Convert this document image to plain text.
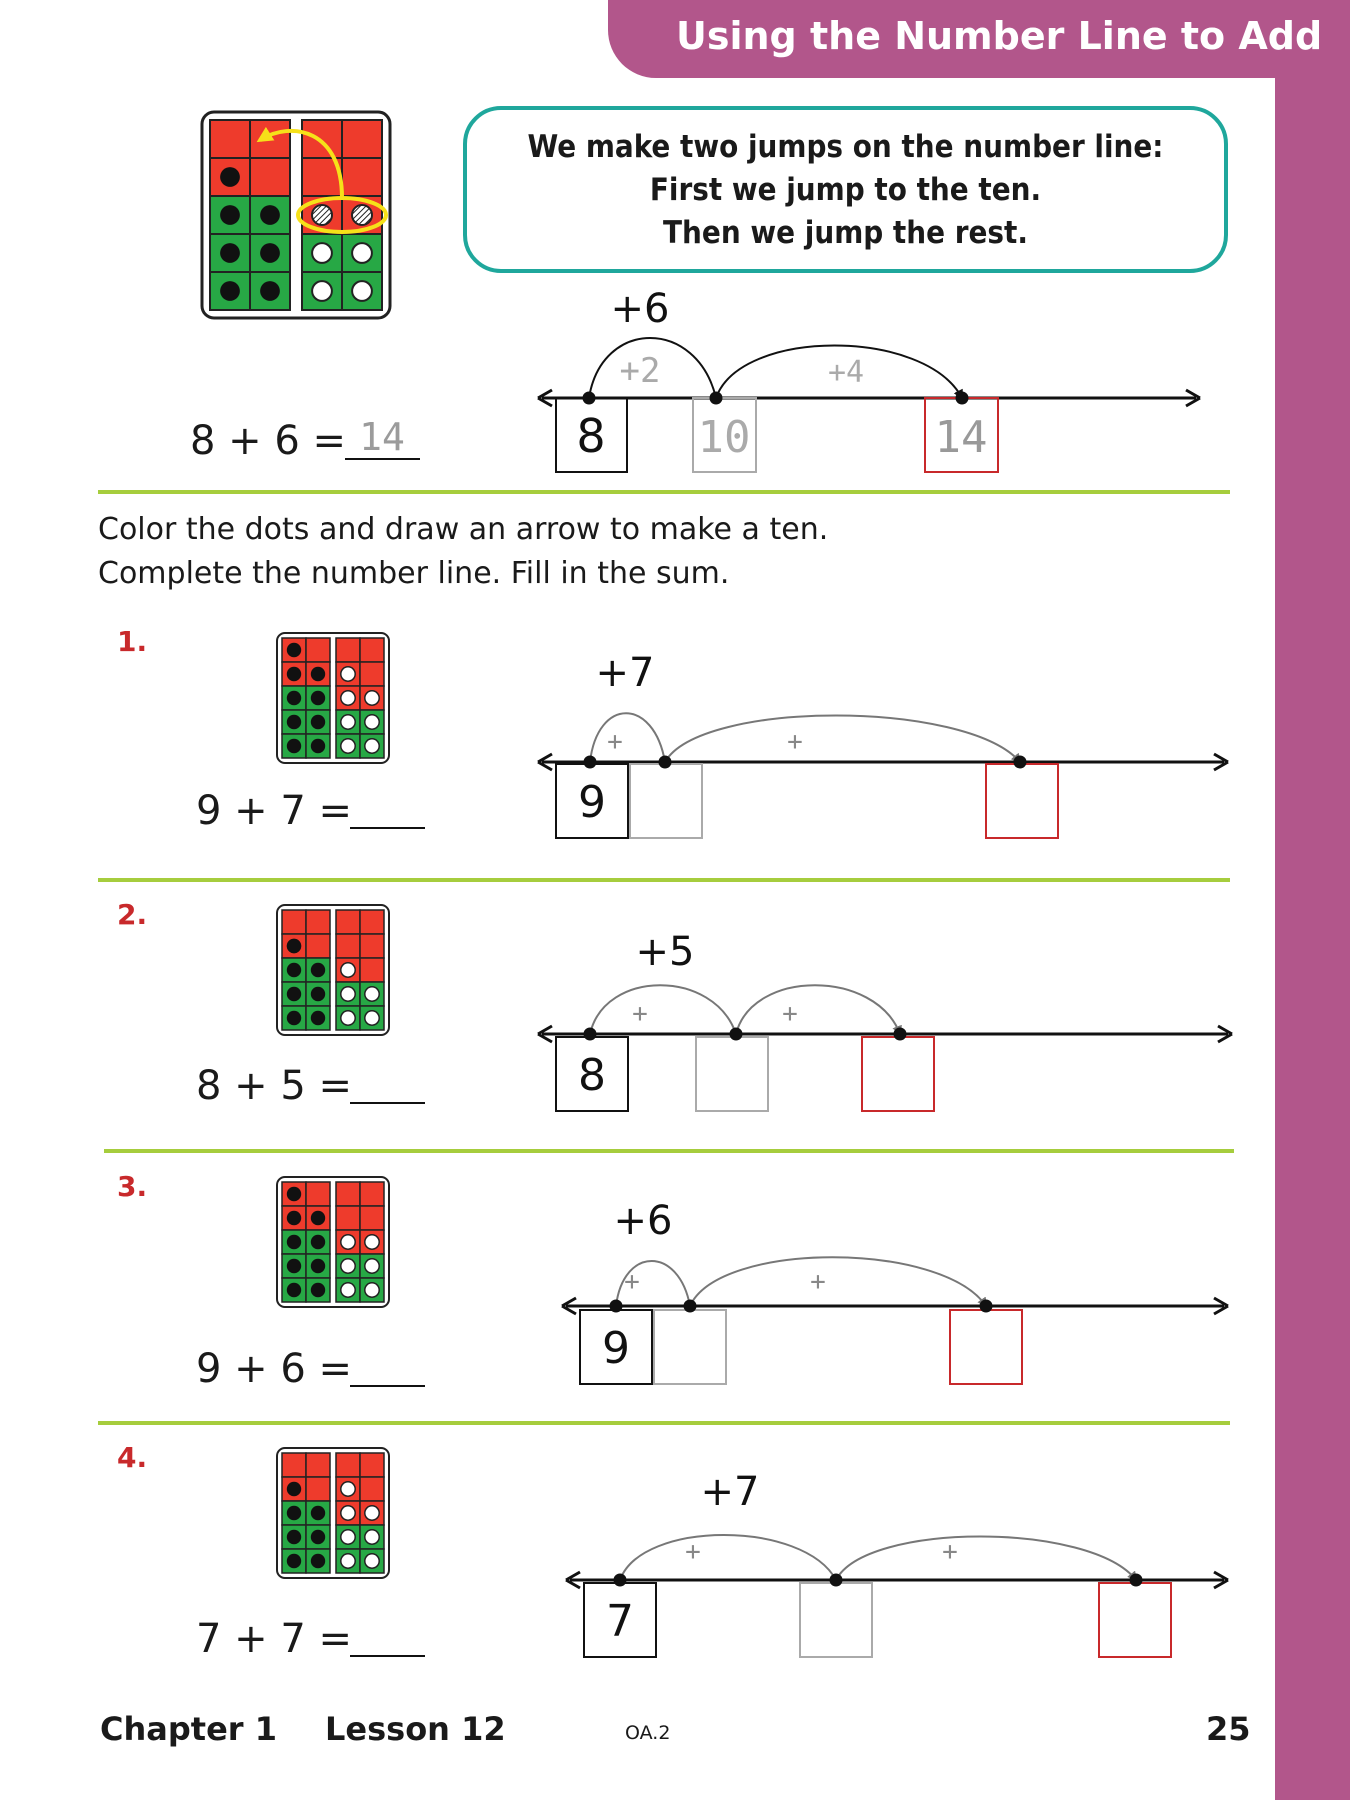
Using the Number Line to Add
We make two jumps on the number line:
First we jump to the ten.
Then we jump the rest.
8 + 6 =
Color the dots and draw an arrow to make a ten.
Complete the number line. Fill in the sum.
1.
2.
3.
4.
9 + 7 =
8 + 5 =
9 + 6 =
7 + 7 =
Chapter 1 Lesson 12	OA.2	25
14	8 10	14
+6
+2	+4
9
+7
+	+
8
+5
+	+
9
+6
+	+
7
+7
+	+
